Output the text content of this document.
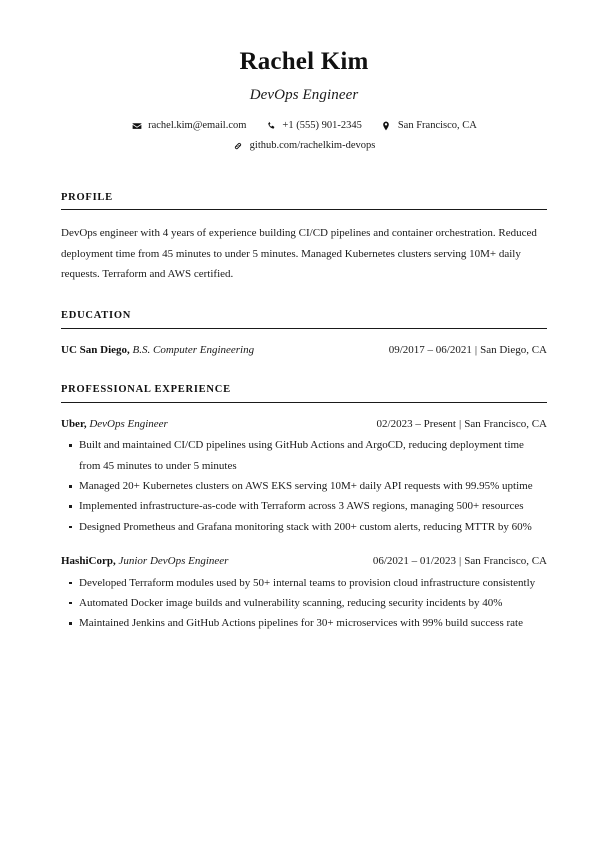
Rachel Kim
DevOps Engineer
rachel.kim@email.com	+1 (555) 901-2345	San Francisco, CA
github.com/rachelkim-devops
PROFILE
DevOps engineer with 4 years of experience building CI/CD pipelines and container orchestration. Reduced deployment time from 45 minutes to under 5 minutes. Managed Kubernetes clusters serving 10M+ daily requests. Terraform and AWS certified.
EDUCATION
UC San Diego, B.S. Computer Engineering	09/2017 – 06/2021 | San Diego, CA
PROFESSIONAL EXPERIENCE
Uber, DevOps Engineer	02/2023 – Present | San Francisco, CA
Built and maintained CI/CD pipelines using GitHub Actions and ArgoCD, reducing deployment time from 45 minutes to under 5 minutes
Managed 20+ Kubernetes clusters on AWS EKS serving 10M+ daily API requests with 99.95% uptime
Implemented infrastructure-as-code with Terraform across 3 AWS regions, managing 500+ resources
Designed Prometheus and Grafana monitoring stack with 200+ custom alerts, reducing MTTR by 60%
HashiCorp, Junior DevOps Engineer	06/2021 – 01/2023 | San Francisco, CA
Developed Terraform modules used by 50+ internal teams to provision cloud infrastructure consistently
Automated Docker image builds and vulnerability scanning, reducing security incidents by 40%
Maintained Jenkins and GitHub Actions pipelines for 30+ microservices with 99% build success rate
